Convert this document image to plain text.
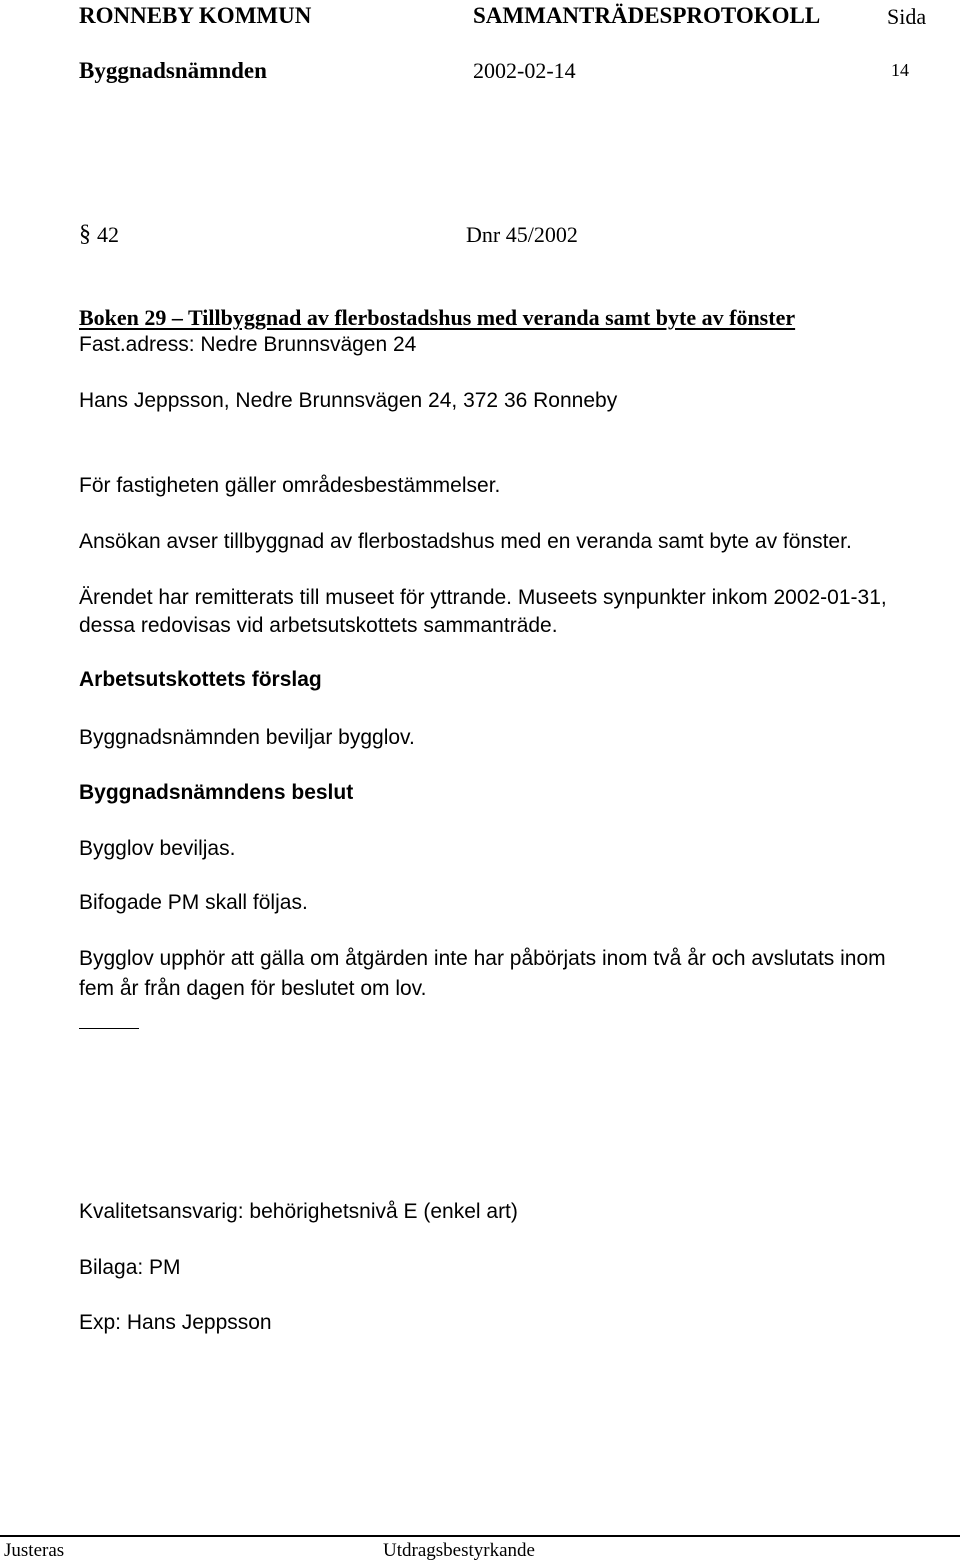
RONNEBY KOMMUN	SAMMANTRÄDESPROTOKOLL	Sida
Byggnadsnämnden	2002-02-14	14
§ 42	Dnr 45/2002
Boken 29 – Tillbyggnad av flerbostadshus med veranda samt byte av fönster
Fast.adress: Nedre Brunnsvägen 24
Hans Jeppsson, Nedre Brunnsvägen 24, 372 36 Ronneby
För fastigheten gäller områdesbestämmelser.
Ansökan avser tillbyggnad av flerbostadshus med en veranda samt byte av fönster.
Ärendet har remitterats till museet för yttrande. Museets synpunkter inkom 2002-01-31,
dessa redovisas vid arbetsutskottets sammanträde.
Arbetsutskottets förslag
Byggnadsnämnden beviljar bygglov.
Byggnadsnämndens beslut
Bygglov beviljas.
Bifogade PM skall följas.
Bygglov upphör att gälla om åtgärden inte har påbörjats inom två år och avslutats inom
fem år från dagen för beslutet om lov.
Kvalitetsansvarig: behörighetsnivå E (enkel art)
Bilaga: PM
Exp: Hans Jeppsson
Justeras	Utdragsbestyrkande
